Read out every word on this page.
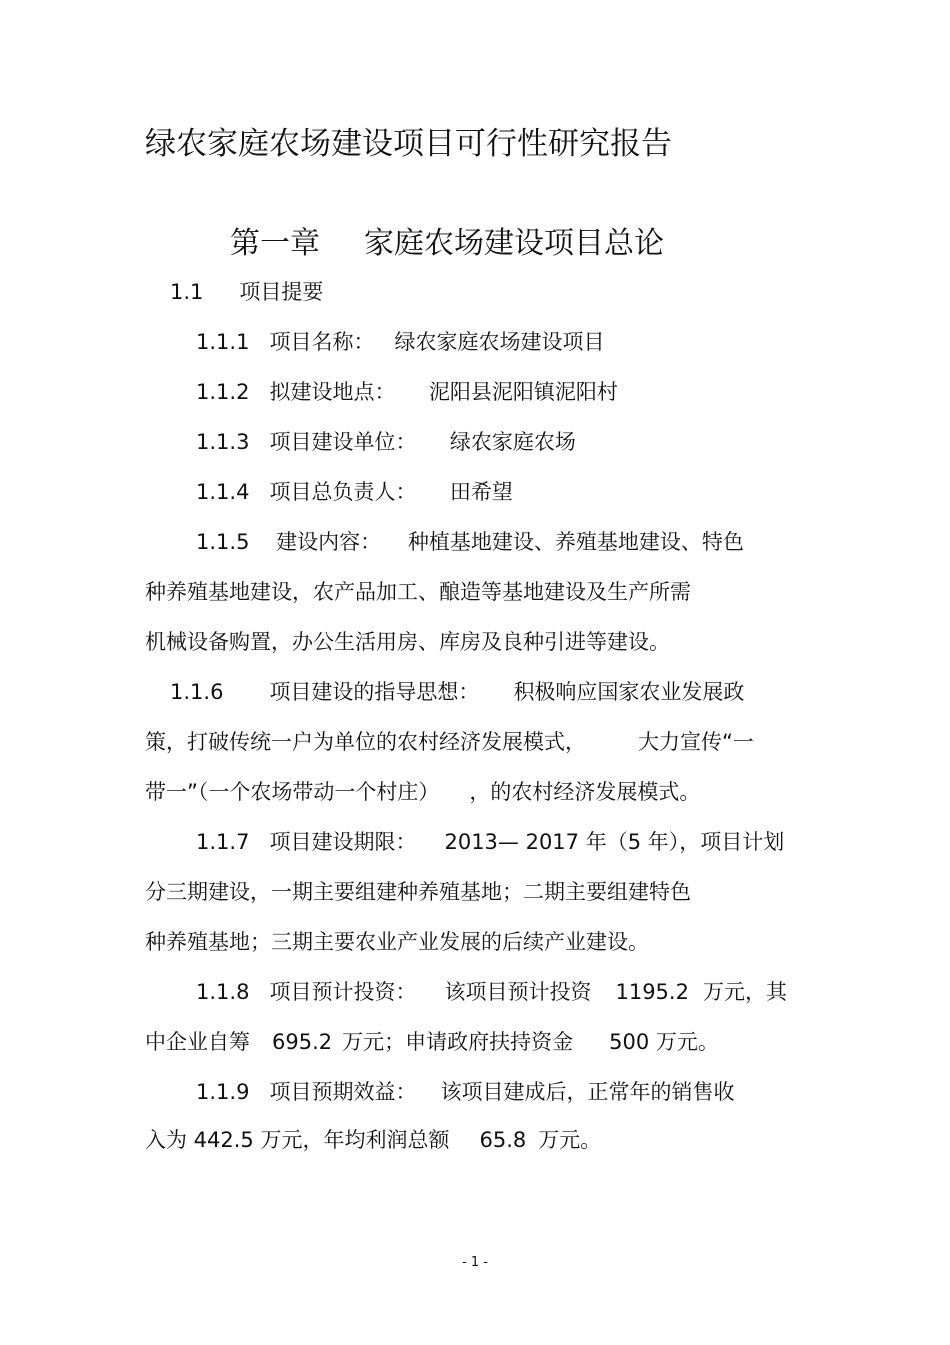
绿农家庭农场建设项目可行性研究报告
第一章 家庭农场建设项目总论
1.1 项目提要
1.1.1 项目名称： 绿农家庭农场建设项目
1.1.2 拟建设地点： 泥阳县泥阳镇泥阳村
1.1.3 项目建设单位： 绿农家庭农场
1.1.4 项目总负责人： 田希望
1.1.5 建设内容： 种植基地建设、养殖基地建设、特色
种养殖基地建设，农产品加工、酿造等基地建设及生产所需
机械设备购置，办公生活用房、库房及良种引进等建设。
1.1.6 项目建设的指导思想： 积极响应国家农业发展政
策，打破传统一户为单位的农村经济发展模式， 大力宣传“一
带一”（一个农场带动一个村庄） ，的农村经济发展模式。
1.1.7 项目建设期限： 2013— 2017 年（5 年），项目计划
分三期建设，一期主要组建种养殖基地；二期主要组建特色
种养殖基地；三期主要农业产业发展的后续产业建设。
1.1.8 项目预计投资： 该项目预计投资 1195.2 万元，其
中企业自筹 695.2 万元；申请政府扶持资金 500 万元。
1.1.9 项目预期效益： 该项目建成后，正常年的销售收
入为 442.5 万元，年均利润总额 65.8 万元。
- 1 -
